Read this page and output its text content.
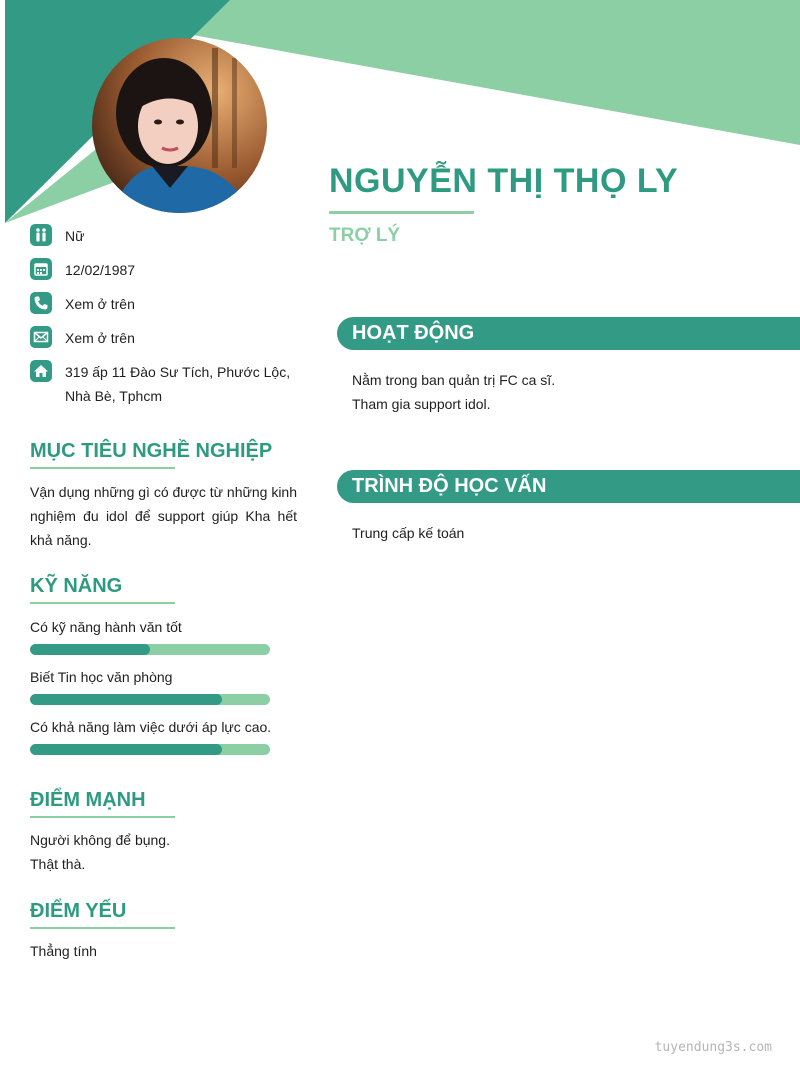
NGUYỄN THỊ THỌ LY
TRỢ LÝ
Nữ
12/02/1987
Xem ở trên
Xem ở trên
319 ấp 11 Đào Sư Tích, Phước Lộc, Nhà Bè, Tphcm
MỤC TIÊU NGHỀ NGHIỆP
Vận dụng những gì có được từ những kinh nghiệm đu idol để support giúp Kha hết khả năng.
KỸ NĂNG
Có kỹ năng hành văn tốt
Biết Tin học văn phòng
Có khả năng làm việc dưới áp lực cao.
ĐIỂM MẠNH
Người không để bụng.
Thật thà.
ĐIỂM YẾU
Thẳng tính
HOẠT ĐỘNG
Nằm trong ban quản trị FC ca sĩ.
Tham gia support idol.
TRÌNH ĐỘ HỌC VẤN
Trung cấp kế toán
tuyendung3s.com
